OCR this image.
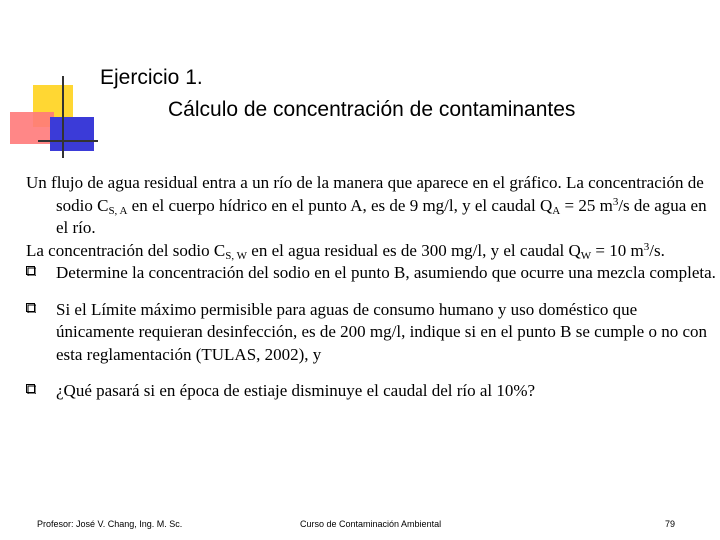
Ejercicio 1.
Cálculo de concentración de contaminantes

Un flujo de agua residual entra a un río de la manera que aparece en el gráfico. La concentración de sodio $C_{S, A}$ en el cuerpo hídrico en el punto A, es de 9 mg/l, y el caudal $Q_A = 25$ $m^3/s$ de agua en el río.

La concentración del sodio $C_{S, W}$ en el agua residual es de 300 mg/l, y el caudal $Q_W = 10$ $m^3/s$.

Determine la concentración del sodio en el punto B, asumiendo que ocurre una mezcla completa.
Si el Límite máximo permisible para aguas de consumo humano y uso doméstico que únicamente requieran desinfección, es de 200 mg/l, indique si en el punto B se cumple o no con esta reglamentación (TULAS, 2002), y
¿Qué pasará si en época de estiaje disminuye el caudal del río al 10%?
Profesor: José V. Chang, Ing. M. Sc.	Curso de Contaminación Ambiental	79
